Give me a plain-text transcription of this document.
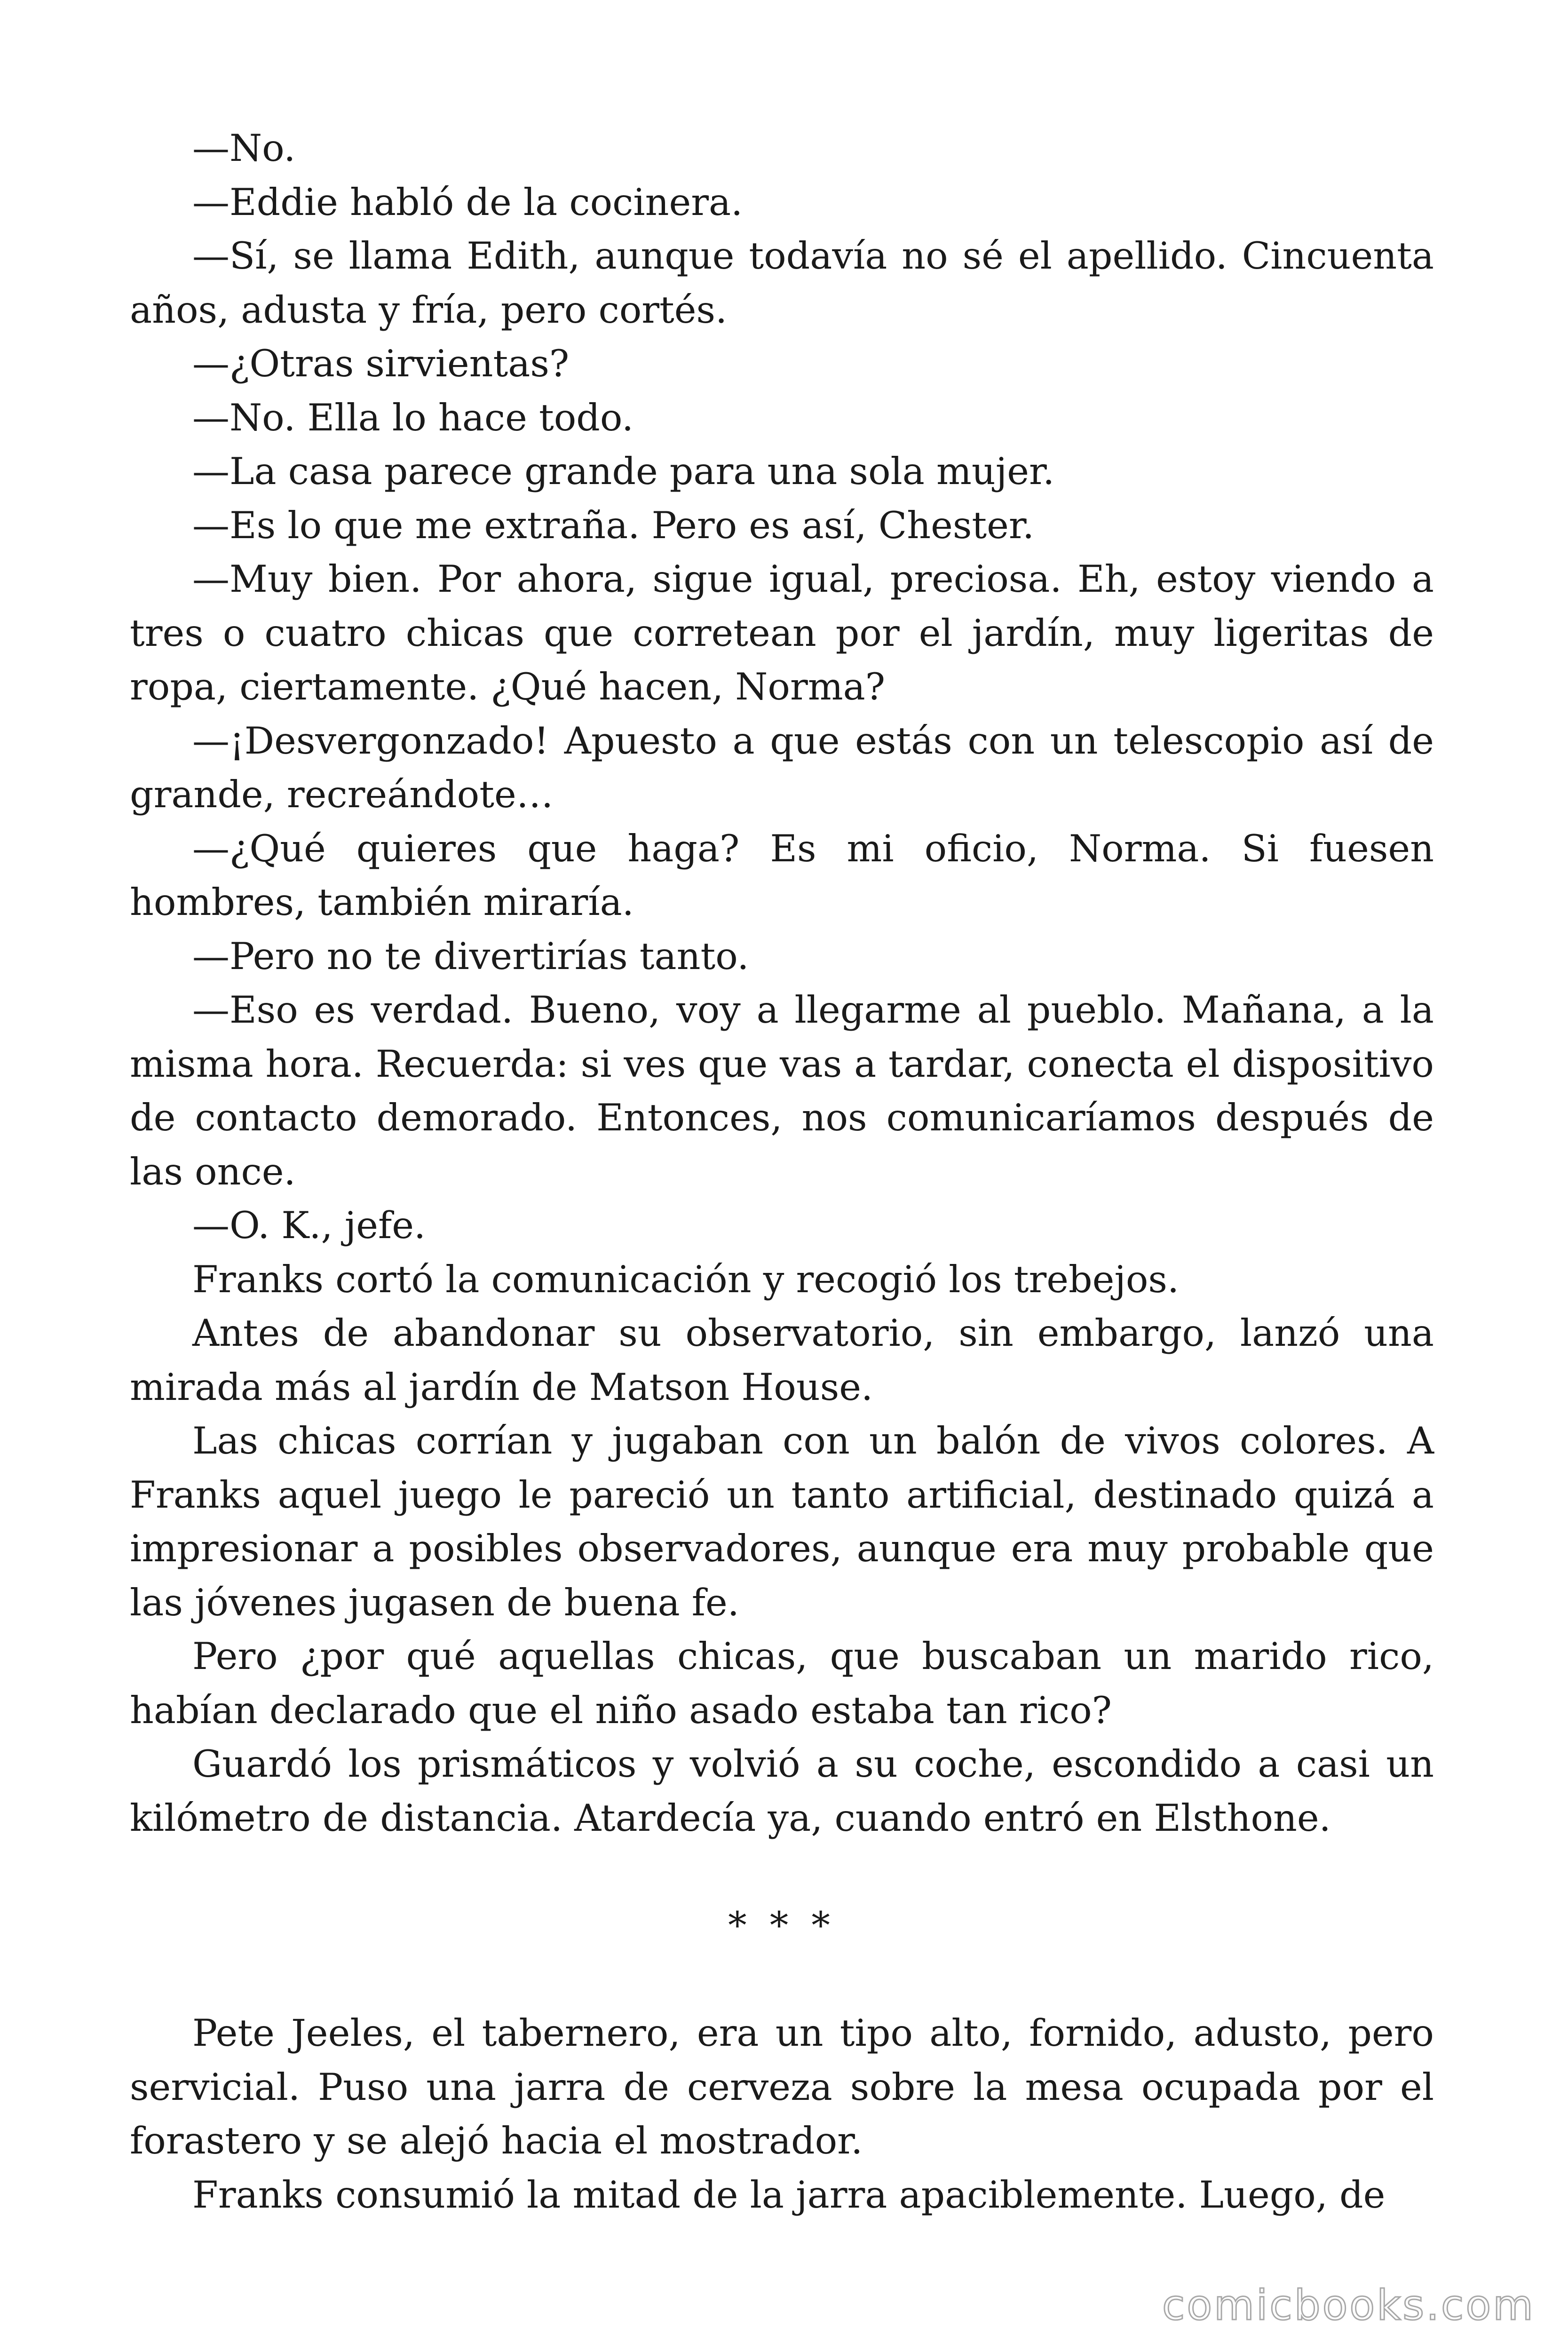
—No.

—Eddie habló de la cocinera.

—Sí, se llama Edith, aunque todavía no sé el apellido. Cincuenta años, adusta y fría, pero cortés.

—¿Otras sirvientas?

—No. Ella lo hace todo.

—La casa parece grande para una sola mujer.

—Es lo que me extraña. Pero es así, Chester.

—Muy bien. Por ahora, sigue igual, preciosa. Eh, estoy viendo a tres o cuatro chicas que corretean por el jardín, muy ligeritas de ropa, ciertamente. ¿Qué hacen, Norma?

—¡Desvergonzado! Apuesto a que estás con un telescopio así de grande, recreándote…

—¿Qué quieres que haga? Es mi oficio, Norma. Si fuesen hombres, también miraría.

—Pero no te divertirías tanto.

—Eso es verdad. Bueno, voy a llegarme al pueblo. Mañana, a la misma hora. Recuerda: si ves que vas a tardar, conecta el dispositivo de contacto demorado. Entonces, nos comunicaríamos después de las once.

—O. K., jefe.

Franks cortó la comunicación y recogió los trebejos.

Antes de abandonar su observatorio, sin embargo, lanzó una mirada más al jardín de Matson House.

Las chicas corrían y jugaban con un balón de vivos colores. A Franks aquel juego le pareció un tanto artificial, destinado quizá a impresionar a posibles observadores, aunque era muy probable que las jóvenes jugasen de buena fe.

Pero ¿por qué aquellas chicas, que buscaban un marido rico, habían declarado que el niño asado estaba tan rico?

Guardó los prismáticos y volvió a su coche, escondido a casi un kilómetro de distancia. Atardecía ya, cuando entró en Elsthone.

* * *

Pete Jeeles, el tabernero, era un tipo alto, fornido, adusto, pero servicial. Puso una jarra de cerveza sobre la mesa ocupada por el forastero y se alejó hacia el mostrador.

Franks consumió la mitad de la jarra apaciblemente. Luego, de

comicbooks.com
